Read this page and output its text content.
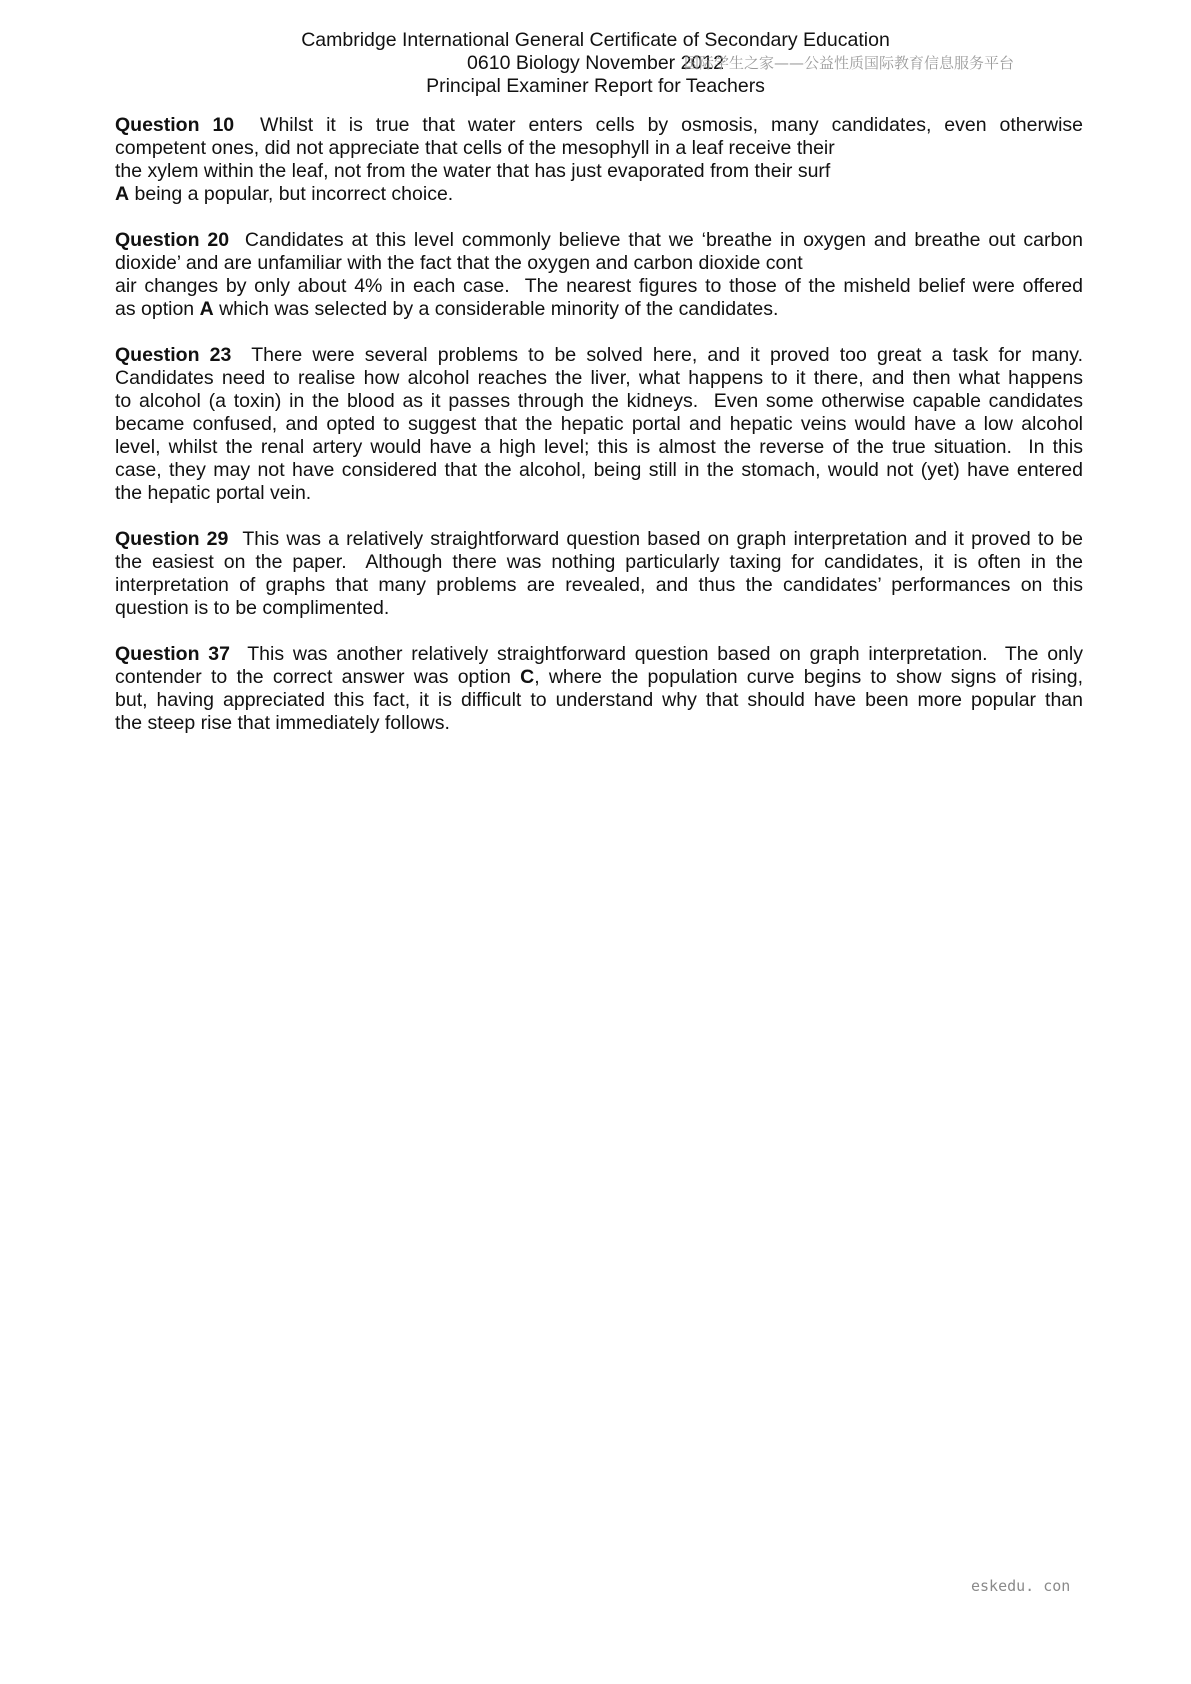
Cambridge International General Certificate of Secondary Education
0610 Biology November 2012
Principal Examiner Report for Teachers
国际学生之家——公益性质国际教育信息服务平台
Question 10  Whilst it is true that water enters cells by osmosis, many candidates, even otherwise
competent ones, did not appreciate that cells of the mesophyll in a leaf receive their
the xylem within the leaf, not from the water that has just evaporated from their surf
A being a popular, but incorrect choice.
Question 20  Candidates at this level commonly believe that we ‘breathe in oxygen and breathe out carbon
dioxide’ and are unfamiliar with the fact that the oxygen and carbon dioxide cont
air changes by only about 4% in each case.  The nearest figures to those of the misheld belief were offered
as option A which was selected by a considerable minority of the candidates.
Question 23  There were several problems to be solved here, and it proved too great a task for many.
Candidates need to realise how alcohol reaches the liver, what happens to it there, and then what happens
to alcohol (a toxin) in the blood as it passes through the kidneys.  Even some otherwise capable candidates
became confused, and opted to suggest that the hepatic portal and hepatic veins would have a low alcohol
level, whilst the renal artery would have a high level; this is almost the reverse of the true situation.  In this
case, they may not have considered that the alcohol, being still in the stomach, would not (yet) have entered
the hepatic portal vein.
Question 29  This was a relatively straightforward question based on graph interpretation and it proved to be
the easiest on the paper.  Although there was nothing particularly taxing for candidates, it is often in the
interpretation of graphs that many problems are revealed, and thus the candidates’ performances on this
question is to be complimented.
Question 37  This was another relatively straightforward question based on graph interpretation.  The only
contender to the correct answer was option C, where the population curve begins to show signs of rising,
but, having appreciated this fact, it is difficult to understand why that should have been more popular than
the steep rise that immediately follows.
eskedu. con
